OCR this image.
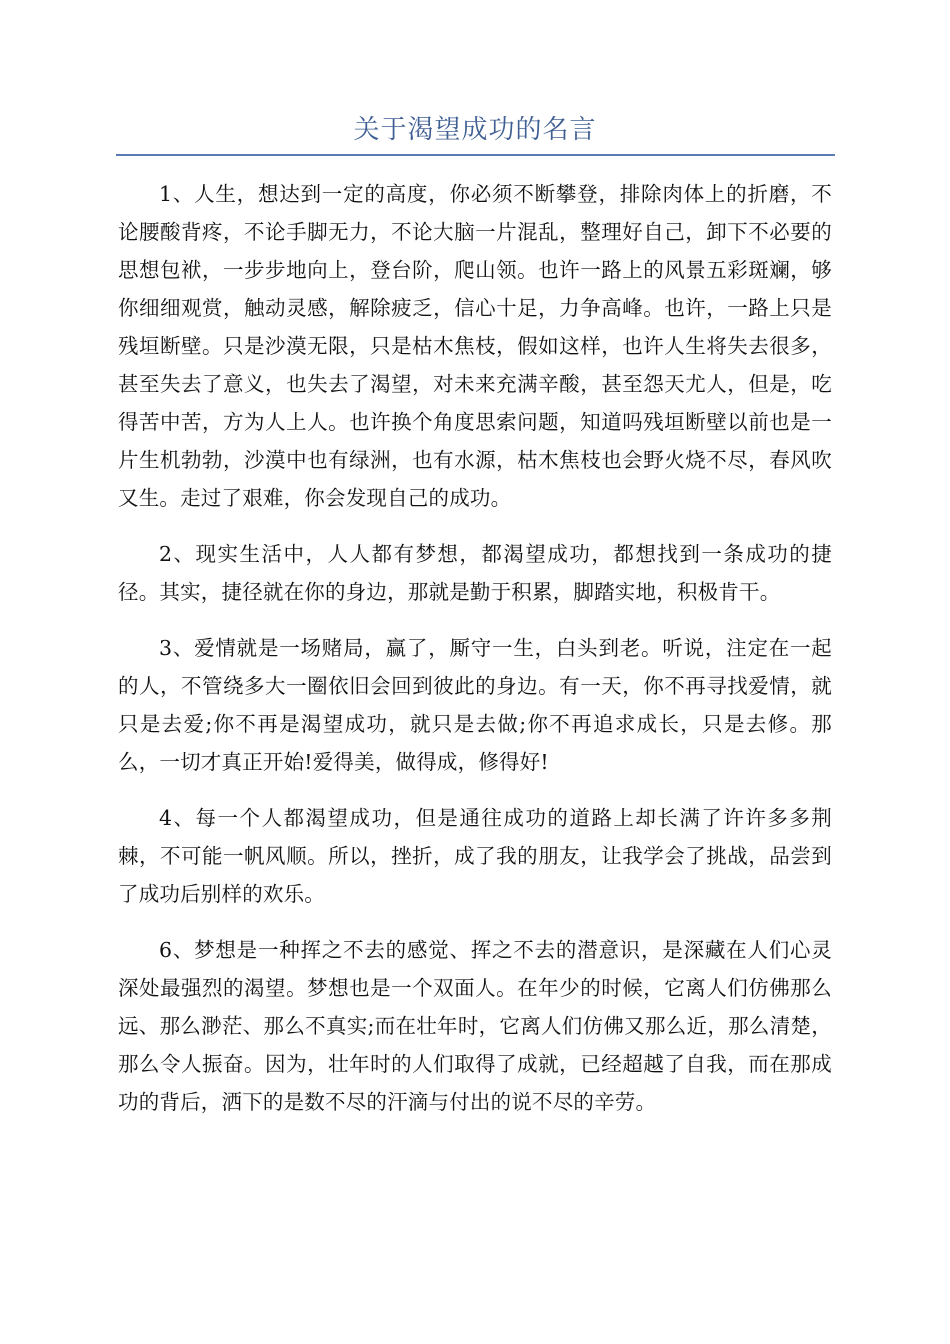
关于渴望成功的名言

1、人生，想达到一定的高度，你必须不断攀登，排除肉体上的折磨，不论腰酸背疼，不论手脚无力，不论大脑一片混乱，整理好自己，卸下不必要的思想包袱，一步步地向上，登台阶，爬山领。也许一路上的风景五彩斑斓，够你细细观赏，触动灵感，解除疲乏，信心十足，力争高峰。也许，一路上只是残垣断壁。只是沙漠无限，只是枯木焦枝，假如这样，也许人生将失去很多，甚至失去了意义，也失去了渴望，对未来充满辛酸，甚至怨天尤人，但是，吃得苦中苦，方为人上人。也许换个角度思索问题，知道吗残垣断壁以前也是一片生机勃勃，沙漠中也有绿洲，也有水源，枯木焦枝也会野火烧不尽，春风吹又生。走过了艰难，你会发现自己的成功。

2、现实生活中，人人都有梦想，都渴望成功，都想找到一条成功的捷径。其实，捷径就在你的身边，那就是勤于积累，脚踏实地，积极肯干。

3、爱情就是一场赌局，赢了，厮守一生，白头到老。听说，注定在一起的人，不管绕多大一圈依旧会回到彼此的身边。有一天，你不再寻找爱情，就只是去爱;你不再是渴望成功，就只是去做;你不再追求成长，只是去修。那么，一切才真正开始!爱得美，做得成，修得好!

4、每一个人都渴望成功，但是通往成功的道路上却长满了许许多多荆棘，不可能一帆风顺。所以，挫折，成了我的朋友，让我学会了挑战，品尝到了成功后别样的欢乐。

6、梦想是一种挥之不去的感觉、挥之不去的潜意识，是深藏在人们心灵深处最强烈的渴望。梦想也是一个双面人。在年少的时候，它离人们仿佛那么远、那么渺茫、那么不真实;而在壮年时，它离人们仿佛又那么近，那么清楚，那么令人振奋。因为，壮年时的人们取得了成就，已经超越了自我，而在那成功的背后，洒下的是数不尽的汗滴与付出的说不尽的辛劳。
